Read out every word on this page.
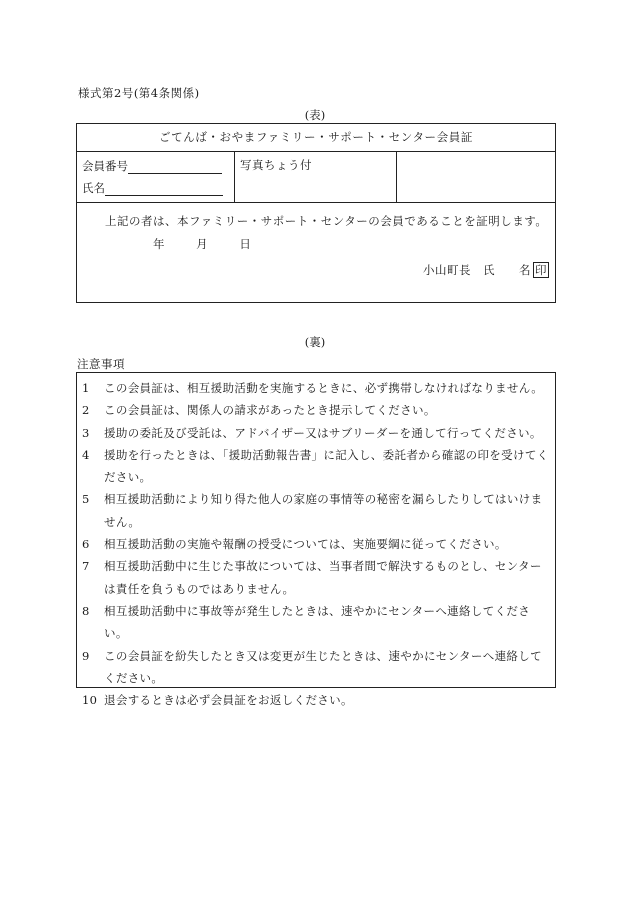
様式第2号(第4条関係)
(表)
ごてんば・おやまファミリー・サポート・センター会員証
会員番号
氏名
写真ちょう付
上記の者は、本ファミリー・サポート・センターの会員であることを証明します。
年	月	日
小山町長　氏　　名 印
(裏)
注意事項
1 この会員証は、相互援助活動を実施するときに、必ず携帯しなければなりません。
2 この会員証は、関係人の請求があったとき提示してください。
3 援助の委託及び受託は、アドバイザー又はサブリーダーを通して行ってください。
4 援助を行ったときは、「援助活動報告書」に記入し、委託者から確認の印を受けてください。
5 相互援助活動により知り得た他人の家庭の事情等の秘密を漏らしたりしてはいけません。
6 相互援助活動の実施や報酬の授受については、実施要綱に従ってください。
7 相互援助活動中に生じた事故については、当事者間で解決するものとし、センターは責任を負うものではありません。
8 相互援助活動中に事故等が発生したときは、速やかにセンターへ連絡してください。
9 この会員証を紛失したとき又は変更が生じたときは、速やかにセンターへ連絡してください。
10 退会するときは必ず会員証をお返しください。
